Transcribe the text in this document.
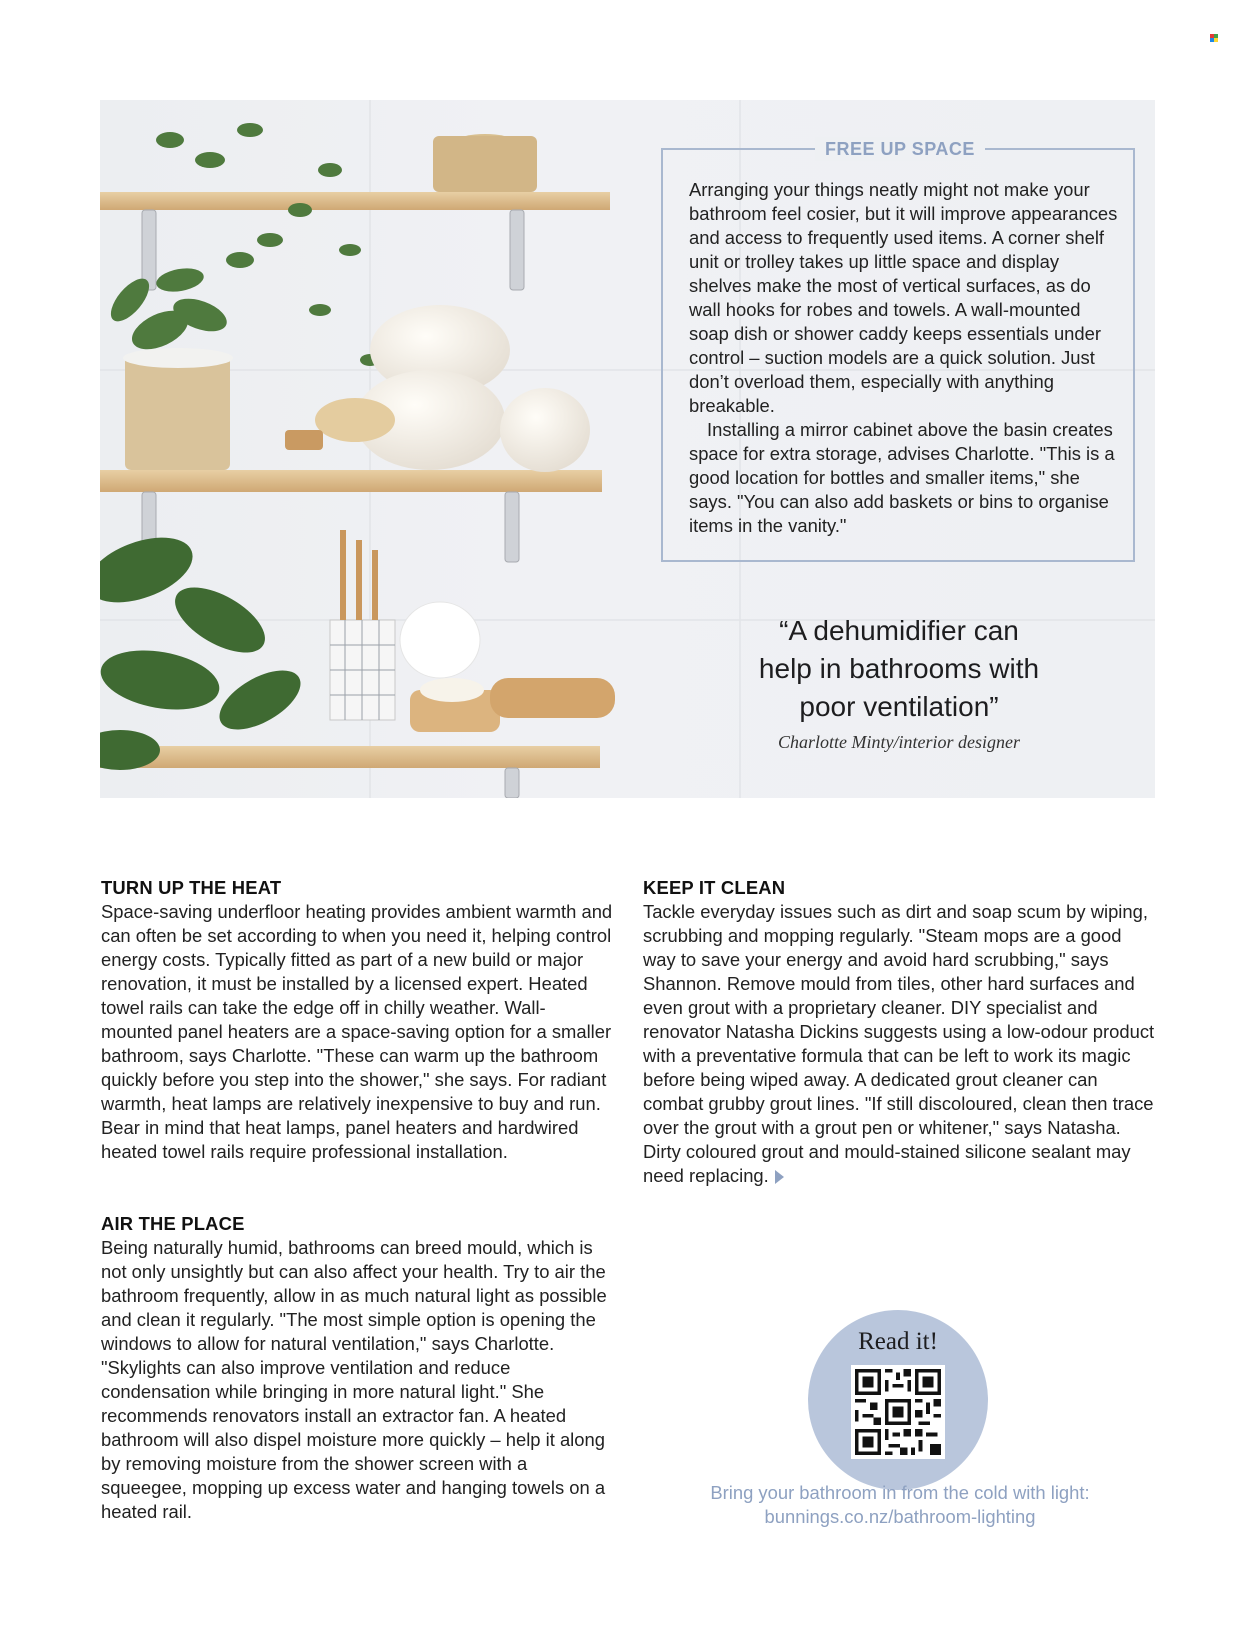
FREE UP SPACE

Arranging your things neatly might not make your bathroom feel cosier, but it will improve appearances and access to frequently used items. A corner shelf unit or trolley takes up little space and display shelves make the most of vertical surfaces, as do wall hooks for robes and towels. A wall-mounted soap dish or shower caddy keeps essentials under control – suction models are a quick solution. Just don’t overload them, especially with anything breakable.

Installing a mirror cabinet above the basin creates space for extra storage, advises Charlotte. "This is a good location for bottles and smaller items," she says. "You can also add baskets or bins to organise items in the vanity."

“A dehumidifier can
help in bathrooms with
poor ventilation”
Charlotte Minty/interior designer
TURN UP THE HEAT

Space-saving underfloor heating provides ambient warmth and can often be set according to when you need it, helping control energy costs. Typically fitted as part of a new build or major renovation, it must be installed by a licensed expert. Heated towel rails can take the edge off in chilly weather. Wall-mounted panel heaters are a space-saving option for a smaller bathroom, says Charlotte. "These can warm up the bathroom quickly before you step into the shower," she says. For radiant warmth, heat lamps are relatively inexpensive to buy and run. Bear in mind that heat lamps, panel heaters and hardwired heated towel rails require professional installation.

AIR THE PLACE

Being naturally humid, bathrooms can breed mould, which is not only unsightly but can also affect your health. Try to air the bathroom frequently, allow in as much natural light as possible and clean it regularly. "The most simple option is opening the windows to allow for natural ventilation," says Charlotte. "Skylights can also improve ventilation and reduce condensation while bringing in more natural light." She recommends renovators install an extractor fan. A heated bathroom will also dispel moisture more quickly – help it along by removing moisture from the shower screen with a squeegee, mopping up excess water and hanging towels on a heated rail.

KEEP IT CLEAN

Tackle everyday issues such as dirt and soap scum by wiping, scrubbing and mopping regularly. "Steam mops are a good way to save your energy and avoid hard scrubbing," says Shannon. Remove mould from tiles, other hard surfaces and even grout with a proprietary cleaner. DIY specialist and renovator Natasha Dickins suggests using a low-odour product with a preventative formula that can be left to work its magic before being wiped away. A dedicated grout cleaner can combat grubby grout lines. "If still discoloured, clean then trace over the grout with a grout pen or whitener," says Natasha. Dirty coloured grout and mould-stained silicone sealant may need replacing.

Read it!
Bring your bathroom in from the cold with light:
bunnings.co.nz/bathroom-lighting
